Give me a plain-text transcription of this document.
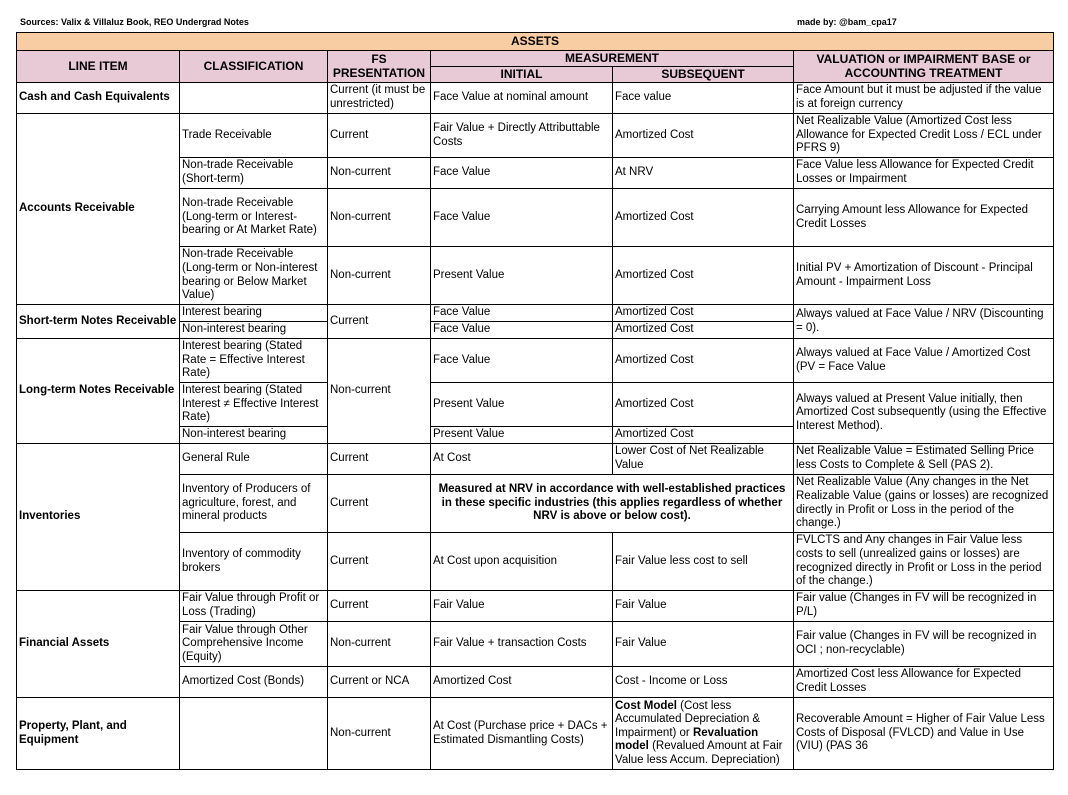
Sources: Valix & Villaluz Book, REO Undergrad Notes	made by: @bam_cpa17
ASSETS					
LINE ITEM	CLASSIFICATION	FS PRESENTATION	MEASUREMENT		VALUATION or IMPAIRMENT BASE or ACCOUNTING TREATMENT
			INITIAL	SUBSEQUENT	
Cash and Cash Equivalents		Current (it must be unrestricted)	Face Value at nominal amount	Face value	Face Amount but it must be adjusted if the value is at foreign currency
Accounts Receivable	Trade Receivable	Current	Fair Value + Directly Attributtable Costs	Amortized Cost	Net Realizable Value (Amortized Cost less Allowance for Expected Credit Loss / ECL under PFRS 9)
	Non-trade Receivable (Short-term)	Non-current	Face Value	At NRV	Face Value less Allowance for Expected Credit Losses or Impairment
	Non-trade Receivable (Long-term or Interest-bearing or At Market Rate)	Non-current	Face Value	Amortized Cost	Carrying Amount less Allowance for Expected Credit Losses
	Non-trade Receivable (Long-term or Non-interest bearing or Below Market Value)	Non-current	Present Value	Amortized Cost	Initial PV + Amortization of Discount - Principal Amount - Impairment Loss
Short-term Notes Receivable	Interest bearing	Current	Face Value	Amortized Cost	Always valued at Face Value / NRV (Discounting = 0).
	Non-interest bearing		Face Value	Amortized Cost	
Long-term Notes Receivable	Interest bearing (Stated Rate = Effective Interest Rate)	Non-current	Face Value	Amortized Cost	Always valued at Face Value / Amortized Cost (PV = Face Value
	Interest bearing (Stated Interest ≠ Effective Interest Rate)		Present Value	Amortized Cost	Always valued at Present Value initially, then Amortized Cost subsequently (using the Effective Interest Method).
	Non-interest bearing		Present Value	Amortized Cost	
Inventories	General Rule	Current	At Cost	Lower Cost of Net Realizable Value	Net Realizable Value = Estimated Selling Price less Costs to Complete & Sell (PAS 2).
	Inventory of Producers of agriculture, forest, and mineral products	Current	Measured at NRV in accordance with well-established practices in these specific industries (this applies regardless of whether NRV is above or below cost).		Net Realizable Value (Any changes in the Net Realizable Value (gains or losses) are recognized directly in Profit or Loss in the period of the change.)
	Inventory of commodity brokers	Current	At Cost upon acquisition	Fair Value less cost to sell	FVLCTS and Any changes in Fair Value less costs to sell (unrealized gains or losses) are recognized directly in Profit or Loss in the period of the change.)
Financial Assets	Fair Value through Profit or Loss (Trading)	Current	Fair Value	Fair Value	Fair value (Changes in FV will be recognized in P/L)
	Fair Value through Other Comprehensive Income (Equity)	Non-current	Fair Value + transaction Costs	Fair Value	Fair value (Changes in FV will be recognized in OCI ; non-recyclable)
	Amortized Cost (Bonds)	Current or NCA	Amortized Cost	Cost - Income or Loss	Amortized Cost less Allowance for Expected Credit Losses
Property, Plant, and Equipment		Non-current	At Cost (Purchase price + DACs + Estimated Dismantling Costs)	Cost Model (Cost less Accumulated Depreciation & Impairment) or Revaluation model (Revalued Amount at Fair Value less Accum. Depreciation)	Recoverable Amount = Higher of Fair Value Less Costs of Disposal (FVLCD) and Value in Use (VIU) (PAS 36
